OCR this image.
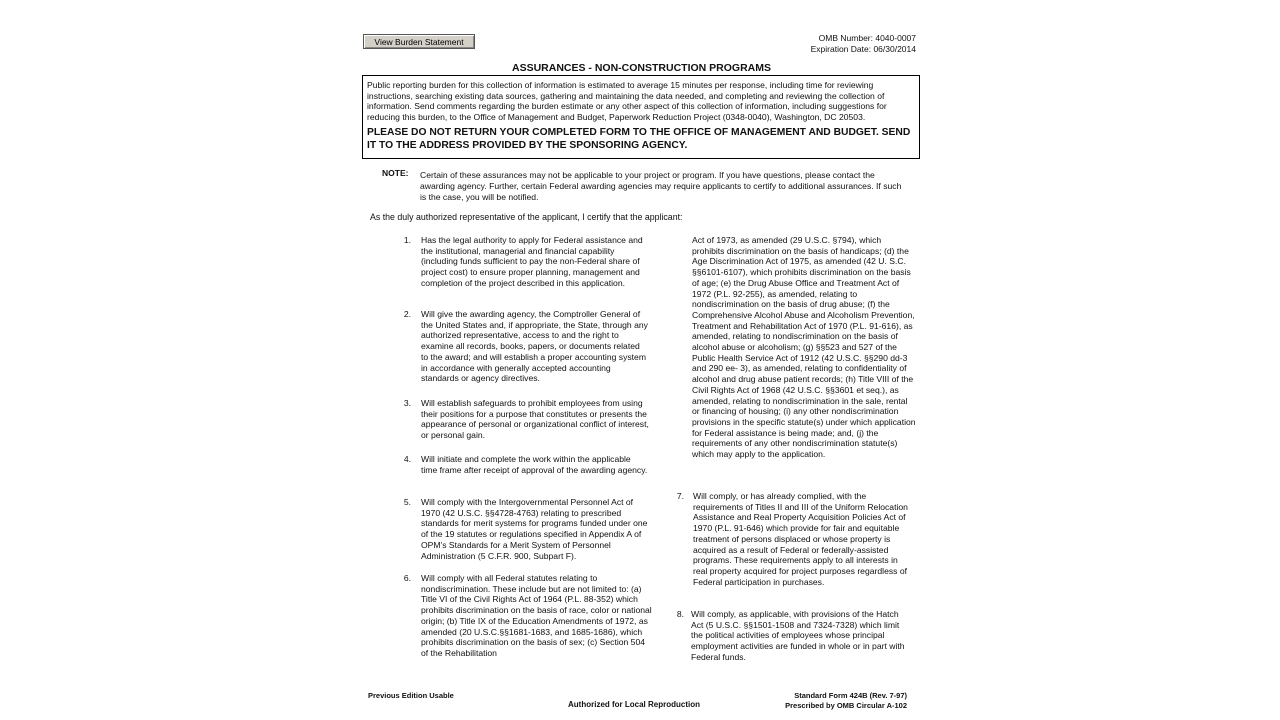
View Burden Statement	OMB Number: 4040-0007
Expiration Date: 06/30/2014
ASSURANCES - NON-CONSTRUCTION PROGRAMS

Public reporting burden for this collection of information is estimated to average 15 minutes per response, including time for reviewing instructions, searching existing data sources, gathering and maintaining the data needed, and completing and reviewing the collection of information. Send comments regarding the burden estimate or any other aspect of this collection of information, including suggestions for reducing this burden, to the Office of Management and Budget, Paperwork Reduction Project (0348-0040), Washington, DC 20503.

PLEASE DO NOT RETURN YOUR COMPLETED FORM TO THE OFFICE OF MANAGEMENT AND BUDGET. SEND IT TO THE ADDRESS PROVIDED BY THE SPONSORING AGENCY.

NOTE: Certain of these assurances may not be applicable to your project or program. If you have questions, please contact the awarding agency. Further, certain Federal awarding agencies may require applicants to certify to additional assurances. If such is the case, you will be notified.
As the duly authorized representative of the applicant, I certify that the applicant:
1. Has the legal authority to apply for Federal assistance and the institutional, managerial and financial capability (including funds sufficient to pay the non-Federal share of project cost) to ensure proper planning, management and completion of the project described in this application.
2. Will give the awarding agency, the Comptroller General of the United States and, if appropriate, the State, through any authorized representative, access to and the right to examine all records, books, papers, or documents related to the award; and will establish a proper accounting system in accordance with generally accepted accounting standards or agency directives.
3. Will establish safeguards to prohibit employees from using their positions for a purpose that constitutes or presents the appearance of personal or organizational conflict of interest, or personal gain.
4. Will initiate and complete the work within the applicable time frame after receipt of approval of the awarding agency.
5. Will comply with the Intergovernmental Personnel Act of 1970 (42 U.S.C. §§4728-4763) relating to prescribed standards for merit systems for programs funded under one of the 19 statutes or regulations specified in Appendix A of OPM's Standards for a Merit System of Personnel Administration (5 C.F.R. 900, Subpart F).
6. Will comply with all Federal statutes relating to nondiscrimination. These include but are not limited to: (a) Title VI of the Civil Rights Act of 1964 (P.L. 88-352) which prohibits discrimination on the basis of race, color or national origin; (b) Title IX of the Education Amendments of 1972, as amended (20 U.S.C.§§1681-1683, and 1685-1686), which prohibits discrimination on the basis of sex; (c) Section 504 of the Rehabilitation
Act of 1973, as amended (29 U.S.C. §794), which prohibits discrimination on the basis of handicaps; (d) the Age Discrimination Act of 1975, as amended (42 U. S.C. §§6101-6107), which prohibits discrimination on the basis of age; (e) the Drug Abuse Office and Treatment Act of 1972 (P.L. 92-255), as amended, relating to nondiscrimination on the basis of drug abuse; (f) the Comprehensive Alcohol Abuse and Alcoholism Prevention, Treatment and Rehabilitation Act of 1970 (P.L. 91-616), as amended, relating to nondiscrimination on the basis of alcohol abuse or alcoholism; (g) §§523 and 527 of the Public Health Service Act of 1912 (42 U.S.C. §§290 dd-3 and 290 ee- 3), as amended, relating to confidentiality of alcohol and drug abuse patient records; (h) Title VIII of the Civil Rights Act of 1968 (42 U.S.C. §§3601 et seq.), as amended, relating to nondiscrimination in the sale, rental or financing of housing; (i) any other nondiscrimination provisions in the specific statute(s) under which application for Federal assistance is being made; and, (j) the requirements of any other nondiscrimination statute(s) which may apply to the application.
7. Will comply, or has already complied, with the requirements of Titles II and III of the Uniform Relocation Assistance and Real Property Acquisition Policies Act of 1970 (P.L. 91-646) which provide for fair and equitable treatment of persons displaced or whose property is acquired as a result of Federal or federally-assisted programs. These requirements apply to all interests in real property acquired for project purposes regardless of Federal participation in purchases.
8. Will comply, as applicable, with provisions of the Hatch Act (5 U.S.C. §§1501-1508 and 7324-7328) which limit the political activities of employees whose principal employment activities are funded in whole or in part with Federal funds.
Previous Edition Usable
Authorized for Local Reproduction
Standard Form 424B (Rev. 7-97)
Prescribed by OMB Circular A-102
